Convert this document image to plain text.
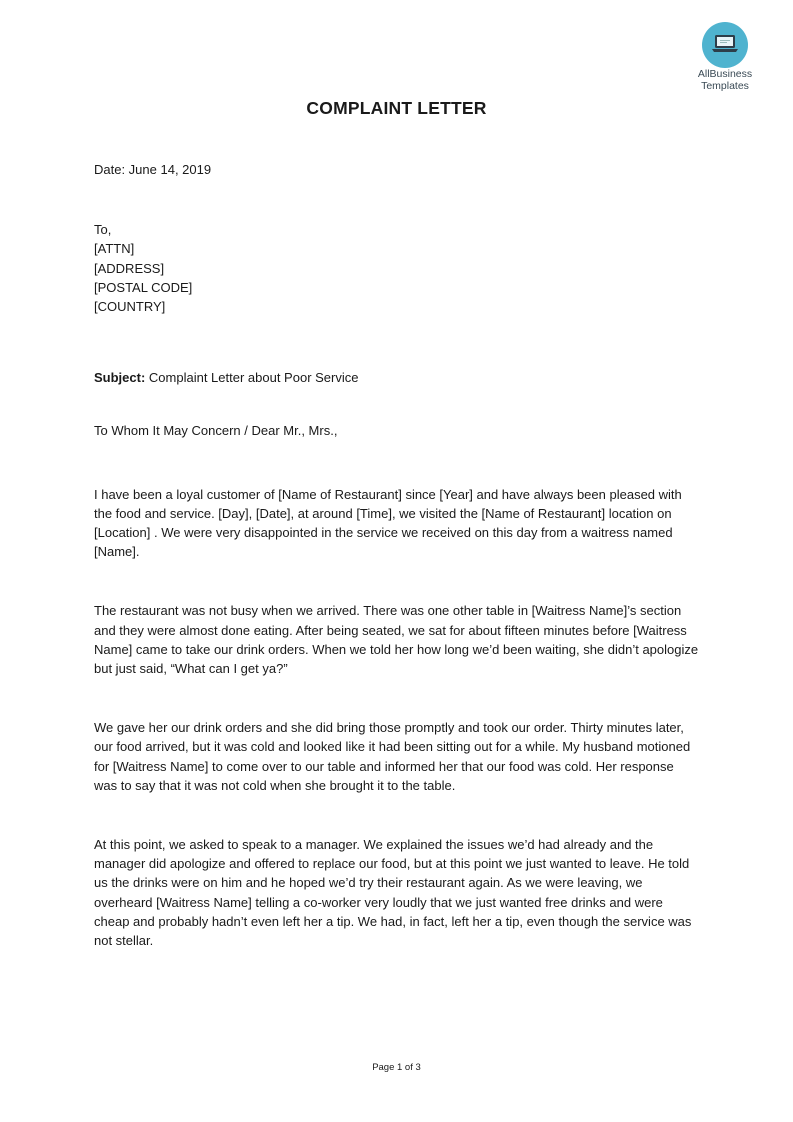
AllBusiness
Templates
COMPLAINT LETTER

Date: June 14, 2019

To,
[ATTN]
[ADDRESS]
[POSTAL CODE]
[COUNTRY]

Subject: Complaint Letter about Poor Service

To Whom It May Concern / Dear Mr., Mrs.,

I have been a loyal customer of [Name of Restaurant] since [Year] and have always been pleased with the food and service. [Day], [Date], at around [Time], we visited the [Name of Restaurant] location on [Location] . We were very disappointed in the service we received on this day from a waitress named [Name].

The restaurant was not busy when we arrived. There was one other table in [Waitress Name]’s section and they were almost done eating. After being seated, we sat for about fifteen minutes before [Waitress Name] came to take our drink orders. When we told her how long we’d been waiting, she didn’t apologize but just said, “What can I get ya?”

We gave her our drink orders and she did bring those promptly and took our order. Thirty minutes later, our food arrived, but it was cold and looked like it had been sitting out for a while. My husband motioned for [Waitress Name] to come over to our table and informed her that our food was cold. Her response was to say that it was not cold when she brought it to the table.

At this point, we asked to speak to a manager. We explained the issues we’d had already and the manager did apologize and offered to replace our food, but at this point we just wanted to leave. He told us the drinks were on him and he hoped we’d try their restaurant again. As we were leaving, we overheard [Waitress Name] telling a co-worker very loudly that we just wanted free drinks and were cheap and probably hadn’t even left her a tip. We had, in fact, left her a tip, even though the service was not stellar.

Page 1 of 3
